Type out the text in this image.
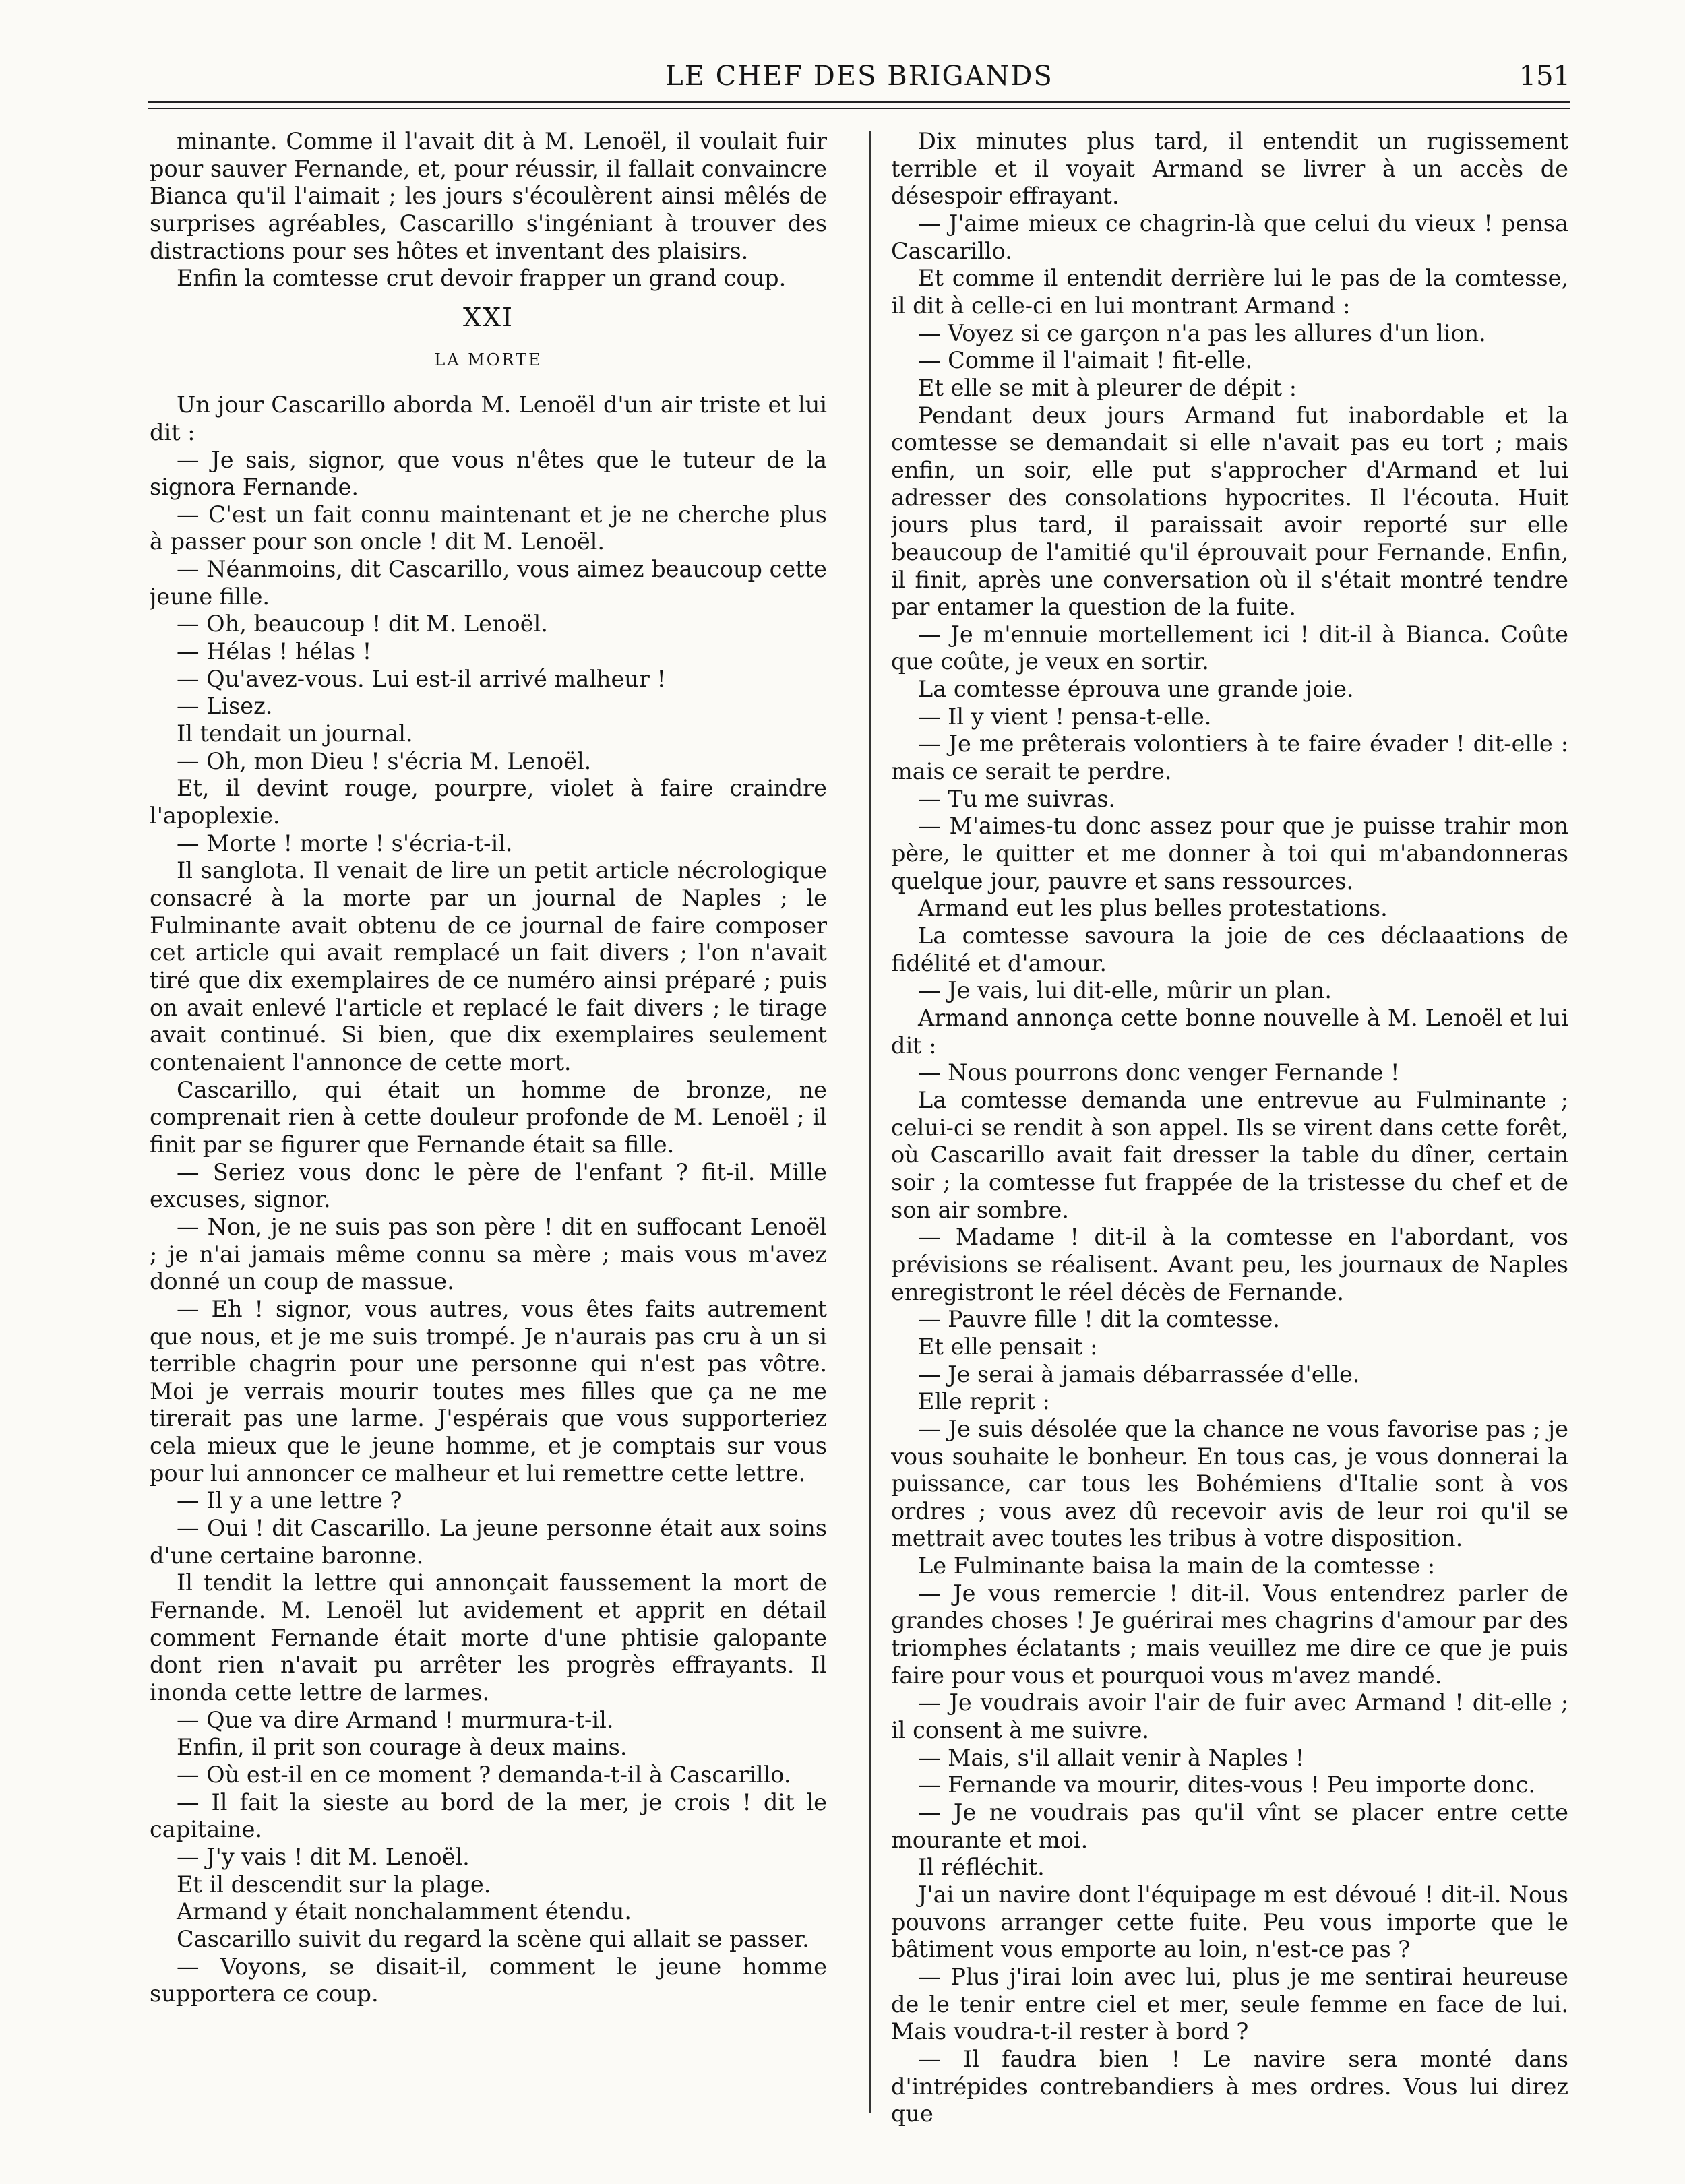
LE CHEF DES BRIGANDS	151

minante. Comme il l'avait dit à M. Lenoël, il voulait fuir pour sauver Fernande, et, pour réussir, il fallait convaincre Bianca qu'il l'aimait ; les jours s'écoulèrent ainsi mêlés de surprises agréables, Cascarillo s'ingéniant à trouver des distractions pour ses hôtes et inventant des plaisirs.

Enfin la comtesse crut devoir frapper un grand coup.

XXI

LA MORTE

Un jour Cascarillo aborda M. Lenoël d'un air triste et lui dit :

— Je sais, signor, que vous n'êtes que le tuteur de la signora Fernande.

— C'est un fait connu maintenant et je ne cherche plus à passer pour son oncle ! dit M. Lenoël.

— Néanmoins, dit Cascarillo, vous aimez beaucoup cette jeune fille.

— Oh, beaucoup ! dit M. Lenoël.

— Hélas ! hélas !

— Qu'avez-vous. Lui est-il arrivé malheur !

— Lisez.

Il tendait un journal.

— Oh, mon Dieu ! s'écria M. Lenoël.

Et, il devint rouge, pourpre, violet à faire craindre l'apoplexie.

— Morte ! morte ! s'écria-t-il.

Il sanglota. Il venait de lire un petit article nécrologique consacré à la morte par un journal de Naples ; le Fulminante avait obtenu de ce journal de faire composer cet article qui avait remplacé un fait divers ; l'on n'avait tiré que dix exemplaires de ce numéro ainsi préparé ; puis on avait enlevé l'article et replacé le fait divers ; le tirage avait continué. Si bien, que dix exemplaires seulement contenaient l'annonce de cette mort.

Cascarillo, qui était un homme de bronze, ne comprenait rien à cette douleur profonde de M. Lenoël ; il finit par se figurer que Fernande était sa fille.

— Seriez vous donc le père de l'enfant ? fit-il. Mille excuses, signor.

— Non, je ne suis pas son père ! dit en suffocant Lenoël ; je n'ai jamais même connu sa mère ; mais vous m'avez donné un coup de massue.

— Eh ! signor, vous autres, vous êtes faits autrement que nous, et je me suis trompé. Je n'aurais pas cru à un si terrible chagrin pour une personne qui n'est pas vôtre. Moi je verrais mourir toutes mes filles que ça ne me tirerait pas une larme. J'espérais que vous supporteriez cela mieux que le jeune homme, et je comptais sur vous pour lui annoncer ce malheur et lui remettre cette lettre.

— Il y a une lettre ?

— Oui ! dit Cascarillo. La jeune personne était aux soins d'une certaine baronne.

Il tendit la lettre qui annonçait faussement la mort de Fernande. M. Lenoël lut avidement et apprit en détail comment Fernande était morte d'une phtisie galopante dont rien n'avait pu arrêter les progrès effrayants. Il inonda cette lettre de larmes.

— Que va dire Armand ! murmura-t-il.

Enfin, il prit son courage à deux mains.

— Où est-il en ce moment ? demanda-t-il à Cascarillo.

— Il fait la sieste au bord de la mer, je crois ! dit le capitaine.

— J'y vais ! dit M. Lenoël.

Et il descendit sur la plage.

Armand y était nonchalamment étendu.

Cascarillo suivit du regard la scène qui allait se passer.

— Voyons, se disait-il, comment le jeune homme supportera ce coup.

Dix minutes plus tard, il entendit un rugissement terrible et il voyait Armand se livrer à un accès de désespoir effrayant.

— J'aime mieux ce chagrin-là que celui du vieux ! pensa Cascarillo.

Et comme il entendit derrière lui le pas de la comtesse, il dit à celle-ci en lui montrant Armand :

— Voyez si ce garçon n'a pas les allures d'un lion.

— Comme il l'aimait ! fit-elle.

Et elle se mit à pleurer de dépit :

Pendant deux jours Armand fut inabordable et la comtesse se demandait si elle n'avait pas eu tort ; mais enfin, un soir, elle put s'approcher d'Armand et lui adresser des consolations hypocrites. Il l'écouta. Huit jours plus tard, il paraissait avoir reporté sur elle beaucoup de l'amitié qu'il éprouvait pour Fernande. Enfin, il finit, après une conversation où il s'était montré tendre par entamer la question de la fuite.

— Je m'ennuie mortellement ici ! dit-il à Bianca. Coûte que coûte, je veux en sortir.

La comtesse éprouva une grande joie.

— Il y vient ! pensa-t-elle.

— Je me prêterais volontiers à te faire évader ! dit-elle : mais ce serait te perdre.

— Tu me suivras.

— M'aimes-tu donc assez pour que je puisse trahir mon père, le quitter et me donner à toi qui m'abandonneras quelque jour, pauvre et sans ressources.

Armand eut les plus belles protestations.

La comtesse savoura la joie de ces déclaaations de fidélité et d'amour.

— Je vais, lui dit-elle, mûrir un plan.

Armand annonça cette bonne nouvelle à M. Lenoël et lui dit :

— Nous pourrons donc venger Fernande !

La comtesse demanda une entrevue au Fulminante ; celui-ci se rendit à son appel. Ils se virent dans cette forêt, où Cascarillo avait fait dresser la table du dîner, certain soir ; la comtesse fut frappée de la tristesse du chef et de son air sombre.

— Madame ! dit-il à la comtesse en l'abordant, vos prévisions se réalisent. Avant peu, les journaux de Naples enregistront le réel décès de Fernande.

— Pauvre fille ! dit la comtesse.

Et elle pensait :

— Je serai à jamais débarrassée d'elle.

Elle reprit :

— Je suis désolée que la chance ne vous favorise pas ; je vous souhaite le bonheur. En tous cas, je vous donnerai la puissance, car tous les Bohémiens d'Italie sont à vos ordres ; vous avez dû recevoir avis de leur roi qu'il se mettrait avec toutes les tribus à votre disposition.

Le Fulminante baisa la main de la comtesse :

— Je vous remercie ! dit-il. Vous entendrez parler de grandes choses ! Je guérirai mes chagrins d'amour par des triomphes éclatants ; mais veuillez me dire ce que je puis faire pour vous et pourquoi vous m'avez mandé.

— Je voudrais avoir l'air de fuir avec Armand ! dit-elle ; il consent à me suivre.

— Mais, s'il allait venir à Naples !

— Fernande va mourir, dites-vous ! Peu importe donc.

— Je ne voudrais pas qu'il vînt se placer entre cette mourante et moi.

Il réfléchit.

J'ai un navire dont l'équipage m est dévoué ! dit-il. Nous pouvons arranger cette fuite. Peu vous importe que le bâtiment vous emporte au loin, n'est-ce pas ?

— Plus j'irai loin avec lui, plus je me sentirai heureuse de le tenir entre ciel et mer, seule femme en face de lui. Mais voudra-t-il rester à bord ?

— Il faudra bien ! Le navire sera monté dans d'intrépides contrebandiers à mes ordres. Vous lui direz que
